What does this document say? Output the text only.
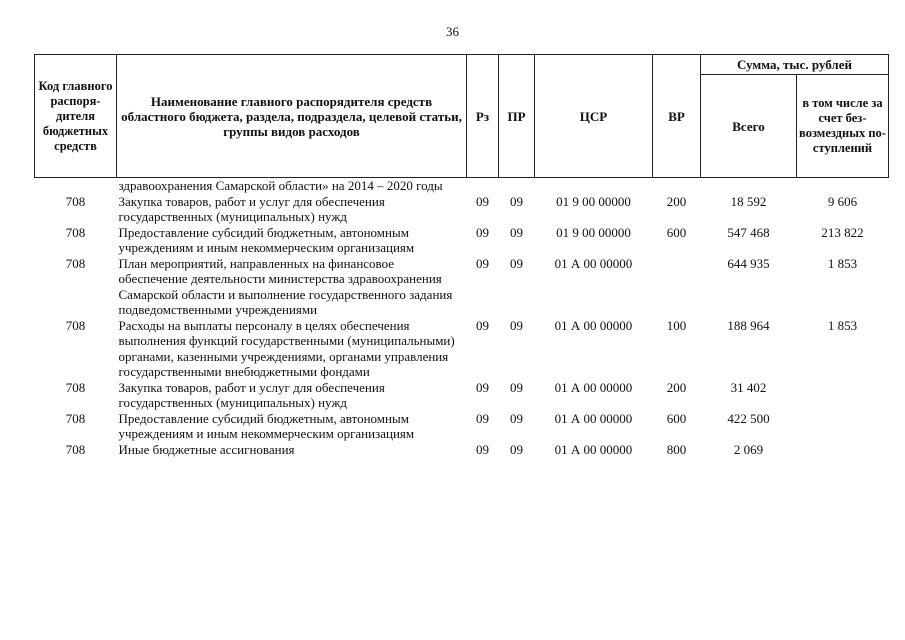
36
Код главного распорядителя бюджетных средств	Наименование главного распорядителя средств областного бюджета, раздела, подраздела, целевой статьи, группы видов расходов	Рз	ПР	ЦСР	ВР	Сумма, тыс. рублей	
						Всего	в том числе за счет безвозмездных поступлений
	здравоохранения Самарской области» на 2014 – 2020 годы						
708	Закупка товаров, работ и услуг для обеспечения государственных (муниципальных) нужд	09	09	01 9 00 00000	200	18 592	9 606
708	Предоставление субсидий бюджетным, автономным учреждениям и иным некоммерческим организациям	09	09	01 9 00 00000	600	547 468	213 822
708	План мероприятий, направленных на финансовое обеспечение деятельности министерства здравоохранения Самарской области и выполнение государственного задания подведомственными учреждениями	09	09	01 А 00 00000		644 935	1 853
708	Расходы на выплаты персоналу в целях обеспечения выполнения функций государственными (муниципальными) органами, казенными учреждениями, органами управления государственными внебюджетными фондами	09	09	01 А 00 00000	100	188 964	1 853
708	Закупка товаров, работ и услуг для обеспечения государственных (муниципальных) нужд	09	09	01 А 00 00000	200	31 402	
708	Предоставление субсидий бюджетным, автономным учреждениям и иным некоммерческим организациям	09	09	01 А 00 00000	600	422 500	
708	Иные бюджетные ассигнования	09	09	01 А 00 00000	800	2 069	
